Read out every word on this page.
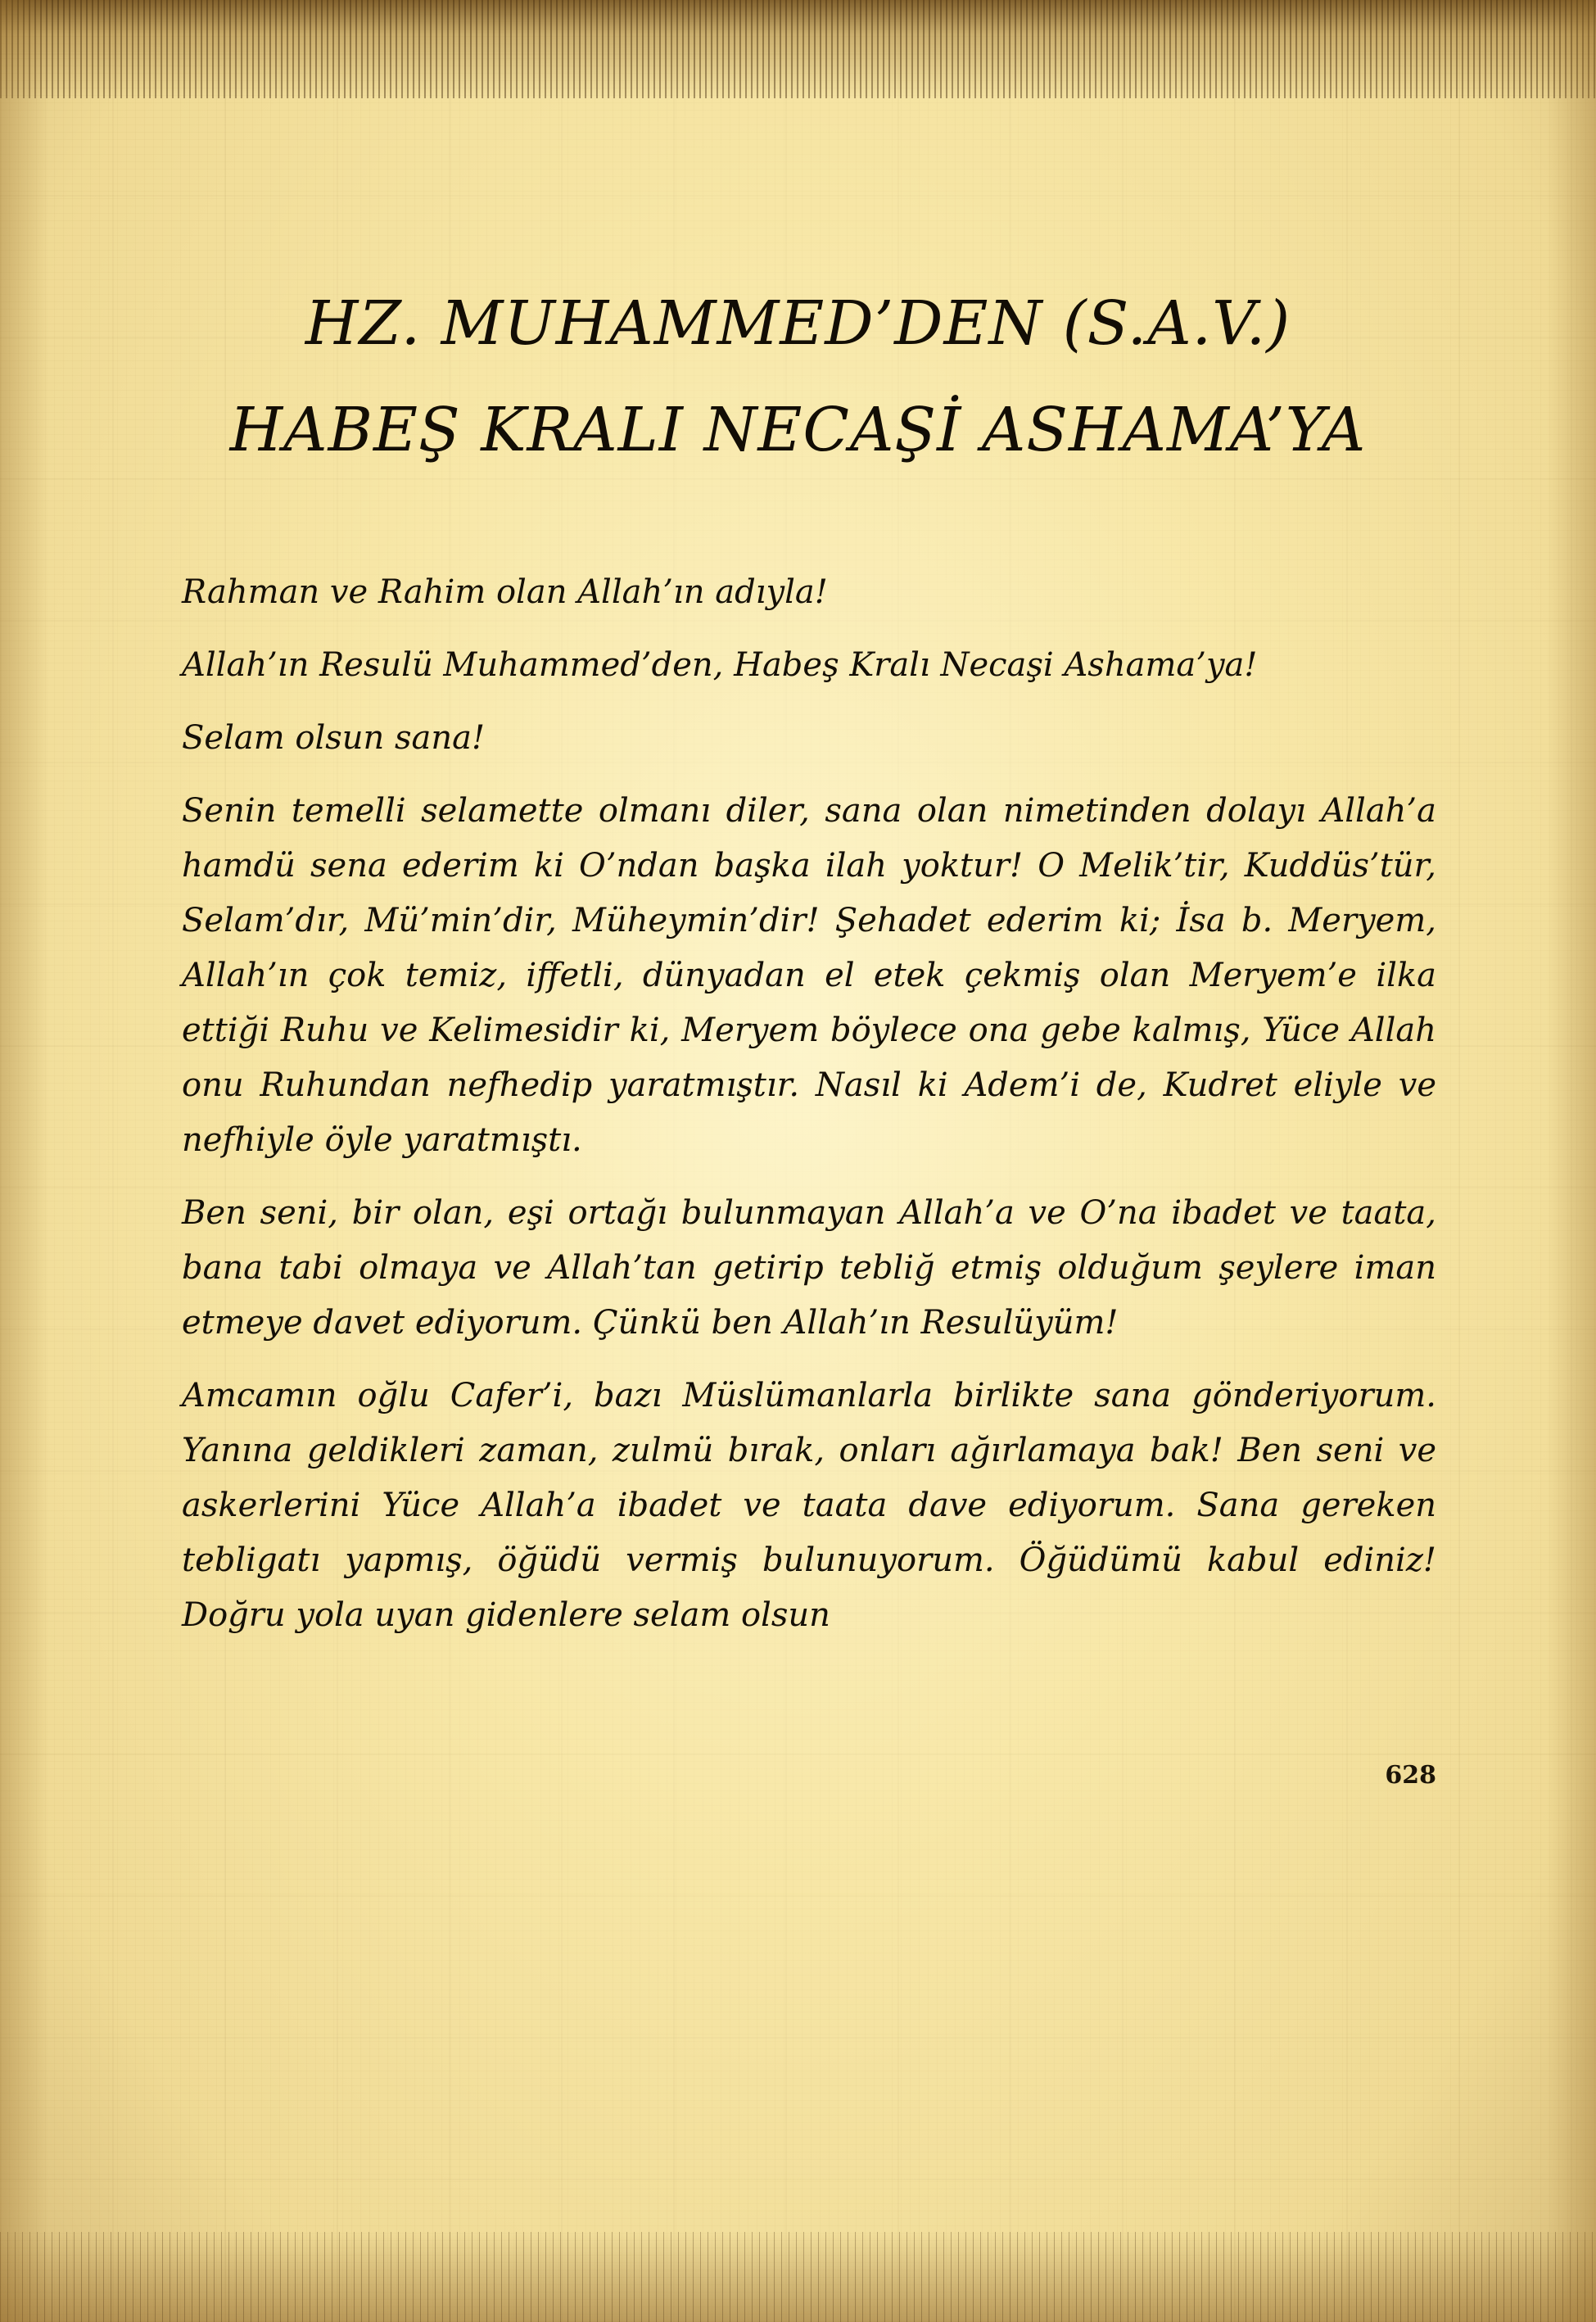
HZ. MUHAMMED’DEN (S.A.V.)
HABEŞ KRALI NECAŞİ ASHAMA’YA

Rahman ve Rahim olan Allah’ın adıyla!

Allah’ın Resulü Muhammed’den, Habeş Kralı Necaşi Ashama’ya!

Selam olsun sana!

Senin temelli selamette olmanı diler, sana olan nimetinden dolayı Allah’a hamdü sena ederim ki O’ndan başka ilah yoktur! O Melik’tir, Kuddüs’tür, Selam’dır, Mü’min’dir, Müheymin’dir! Şehadet ederim ki; İsa b. Meryem, Allah’ın çok temiz, iffetli, dünyadan el etek çekmiş olan Meryem’e ilka ettiği Ruhu ve Kelimesidir ki, Meryem böylece ona gebe kalmış, Yüce Allah onu Ruhundan nefhedip yaratmıştır. Nasıl ki Adem’i de, Kudret eliyle ve nefhiyle öyle yaratmıştı.

Ben seni, bir olan, eşi ortağı bulunmayan Allah’a ve O’na ibadet ve taata, bana tabi olmaya ve Allah’tan getirip tebliğ etmiş olduğum şeylere iman etmeye davet ediyorum. Çünkü ben Allah’ın Resulüyüm!

Amcamın oğlu Cafer’i, bazı Müslümanlarla birlikte sana gönderiyorum. Yanına geldikleri zaman, zulmü bırak, onları ağırlamaya bak! Ben seni ve askerlerini Yüce Allah’a ibadet ve taata dave ediyorum. Sana gereken tebligatı yapmış, öğüdü vermiş bulunuyorum. Öğüdümü kabul ediniz! Doğru yola uyan gidenlere selam olsun

628
